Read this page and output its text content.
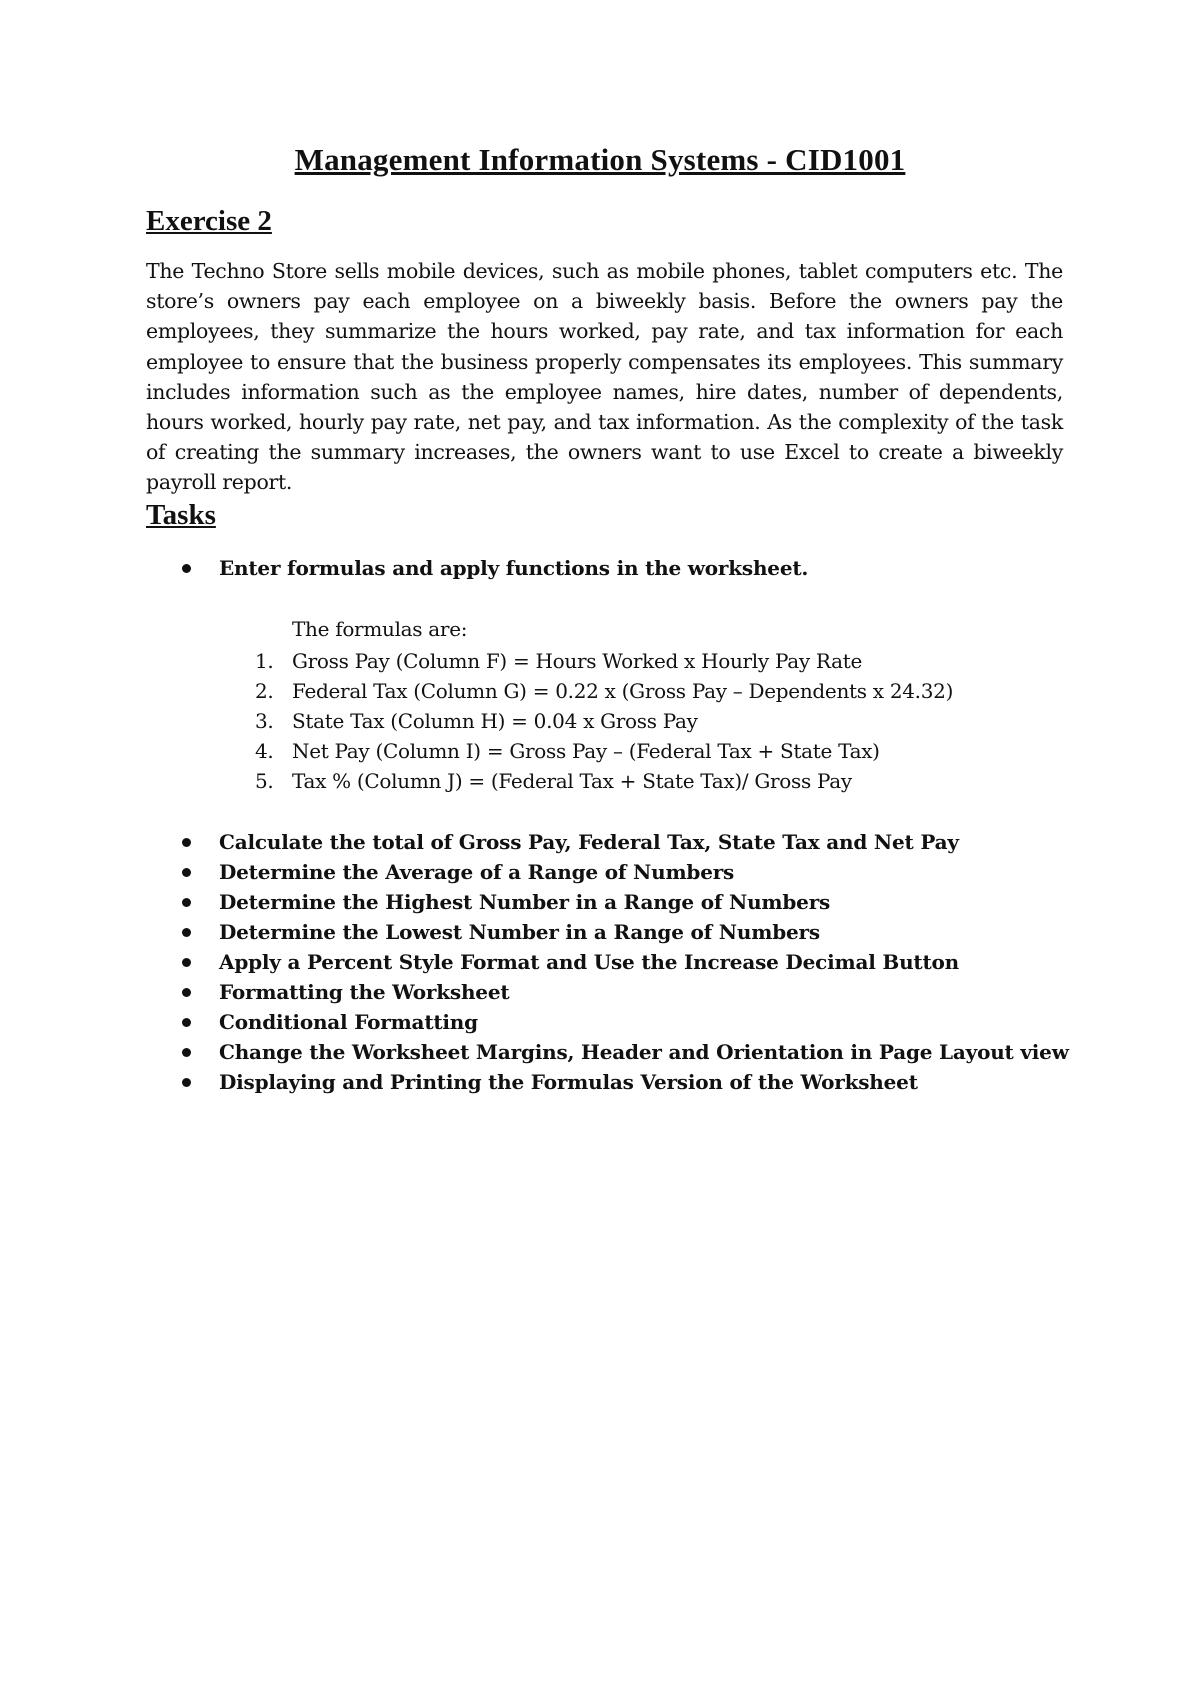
Management Information Systems - CID1001
Exercise 2

The Techno Store sells mobile devices, such as mobile phones, tablet computers etc. The store’s owners pay each employee on a biweekly basis. Before the owners pay the employees, they summarize the hours worked, pay rate, and tax information for each employee to ensure that the business properly compensates its employees. This summary includes information such as the employee names, hire dates, number of dependents, hours worked, hourly pay rate, net pay, and tax information. As the complexity of the task of creating the summary increases, the owners want to use Excel to create a biweekly payroll report.

Tasks
Enter formulas and apply functions in the worksheet.
The formulas are:
1. Gross Pay (Column F) = Hours Worked x Hourly Pay Rate
2. Federal Tax (Column G) = 0.22 x (Gross Pay – Dependents x 24.32)
3. State Tax (Column H) = 0.04 x Gross Pay
4. Net Pay (Column I) = Gross Pay – (Federal Tax + State Tax)
5. Tax % (Column J) = (Federal Tax + State Tax)/ Gross Pay
Calculate the total of Gross Pay, Federal Tax, State Tax and Net Pay
Determine the Average of a Range of Numbers
Determine the Highest Number in a Range of Numbers
Determine the Lowest Number in a Range of Numbers
Apply a Percent Style Format and Use the Increase Decimal Button
Formatting the Worksheet
Conditional Formatting
Change the Worksheet Margins, Header and Orientation in Page Layout view
Displaying and Printing the Formulas Version of the Worksheet
